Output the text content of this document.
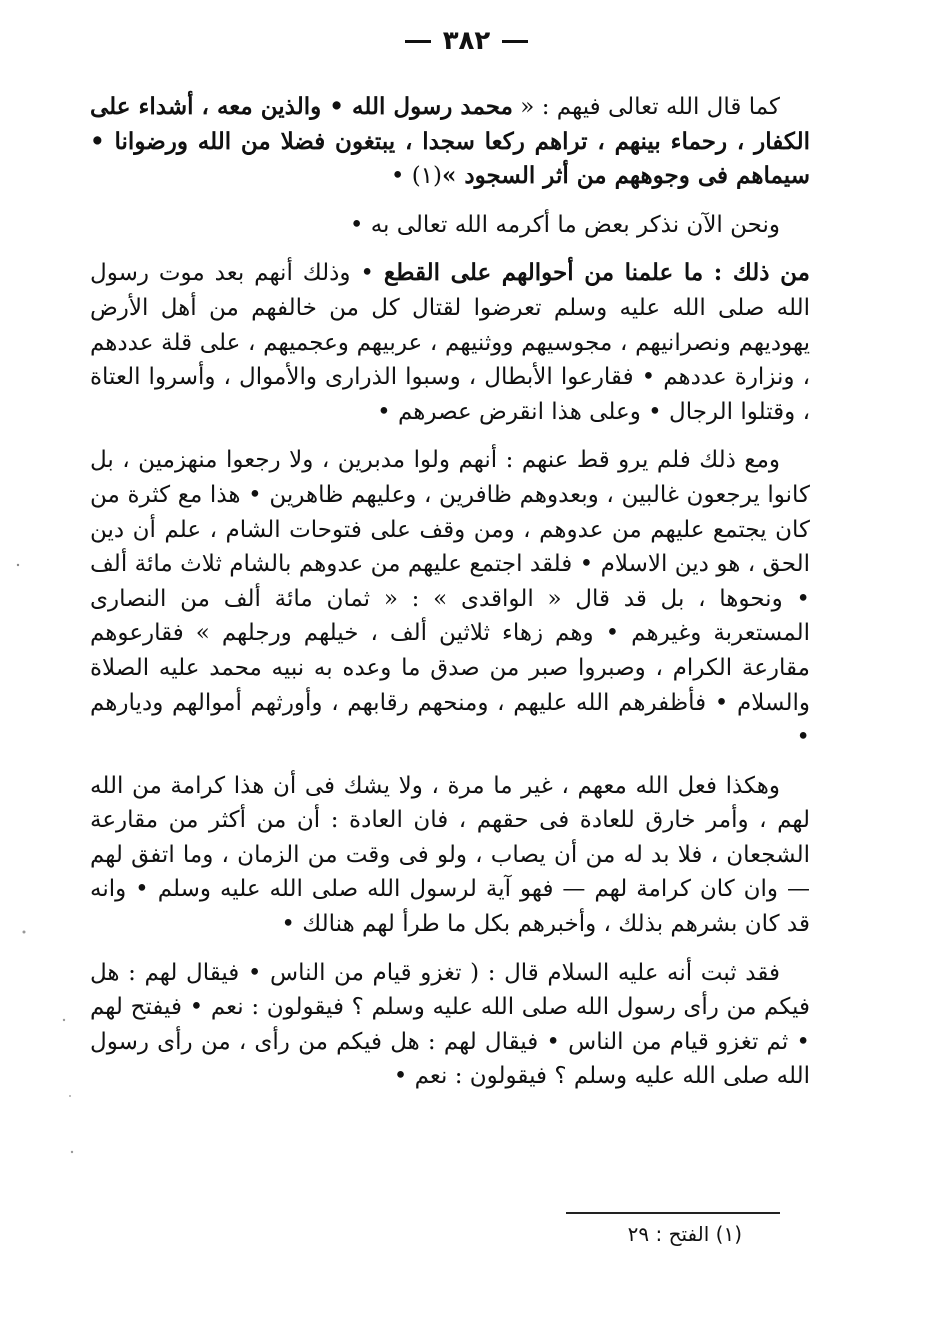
٣٨٢

كما قال الله تعالى فيهم : « محمد رسول الله • والذين معه ، أشداء على الكفار ، رحماء بينهم ، تراهم ركعا سجدا ، يبتغون فضلا من الله ورضوانا • سيماهم فى وجوههم من أثر السجود »(١) •

ونحن الآن نذكر بعض ما أكرمه الله تعالى به •

من ذلك : ما علمنا من أحوالهم على القطع • وذلك أنهم بعد موت رسول الله صلى الله عليه وسلم تعرضوا لقتال كل من خالفهم من أهل الأرض يهوديهم ونصرانيهم ، مجوسيهم ووثنيهم ، عربيهم وعجميهم ، على قلة عددهم ، ونزارة عددهم • فقارعوا الأبطال ، وسبوا الذرارى والأموال ، وأسروا العتاة ، وقتلوا الرجال • وعلى هذا انقرض عصرهم •

ومع ذلك فلم يرو قط عنهم : أنهم ولوا مدبرين ، ولا رجعوا منهزمين ، بل كانوا يرجعون غالبين ، وبعدوهم ظافرين ، وعليهم ظاهرين • هذا مع كثرة من كان يجتمع عليهم من عدوهم ، ومن وقف على فتوحات الشام ، علم أن دين الحق ، هو دين الاسلام • فلقد اجتمع عليهم من عدوهم بالشام ثلاث مائة ألف • ونحوها ، بل قد قال « الواقدى » : « ثمان مائة ألف من النصارى المستعربة وغيرهم • وهم زهاء ثلاثين ألف ، خيلهم ورجلهم » فقارعوهم مقارعة الكرام ، وصبروا صبر من صدق ما وعده به نبيه محمد عليه الصلاة والسلام • فأظفرهم الله عليهم ، ومنحهم رقابهم ، وأورثهم أموالهم وديارهم •

وهكذا فعل الله معهم ، غير ما مرة ، ولا يشك فى أن هذا كرامة من الله لهم ، وأمر خارق للعادة فى حقهم ، فان العادة : أن من أكثر من مقارعة الشجعان ، فلا بد له من أن يصاب ، ولو فى وقت من الزمان ، وما اتفق لهم — وان كان كرامة لهم — فهو آية لرسول الله صلى الله عليه وسلم • وانه قد كان بشرهم بذلك ، وأخبرهم بكل ما طرأ لهم هنالك •

فقد ثبت أنه عليه السلام قال : ( تغزو قيام من الناس • فيقال لهم : هل فيكم من رأى رسول الله صلى الله عليه وسلم ؟ فيقولون : نعم • فيفتح لهم • ثم تغزو قيام من الناس • فيقال لهم : هل فيكم من رأى ، من رأى رسول الله صلى الله عليه وسلم ؟ فيقولون : نعم •

(١) الفتح : ٢٩
